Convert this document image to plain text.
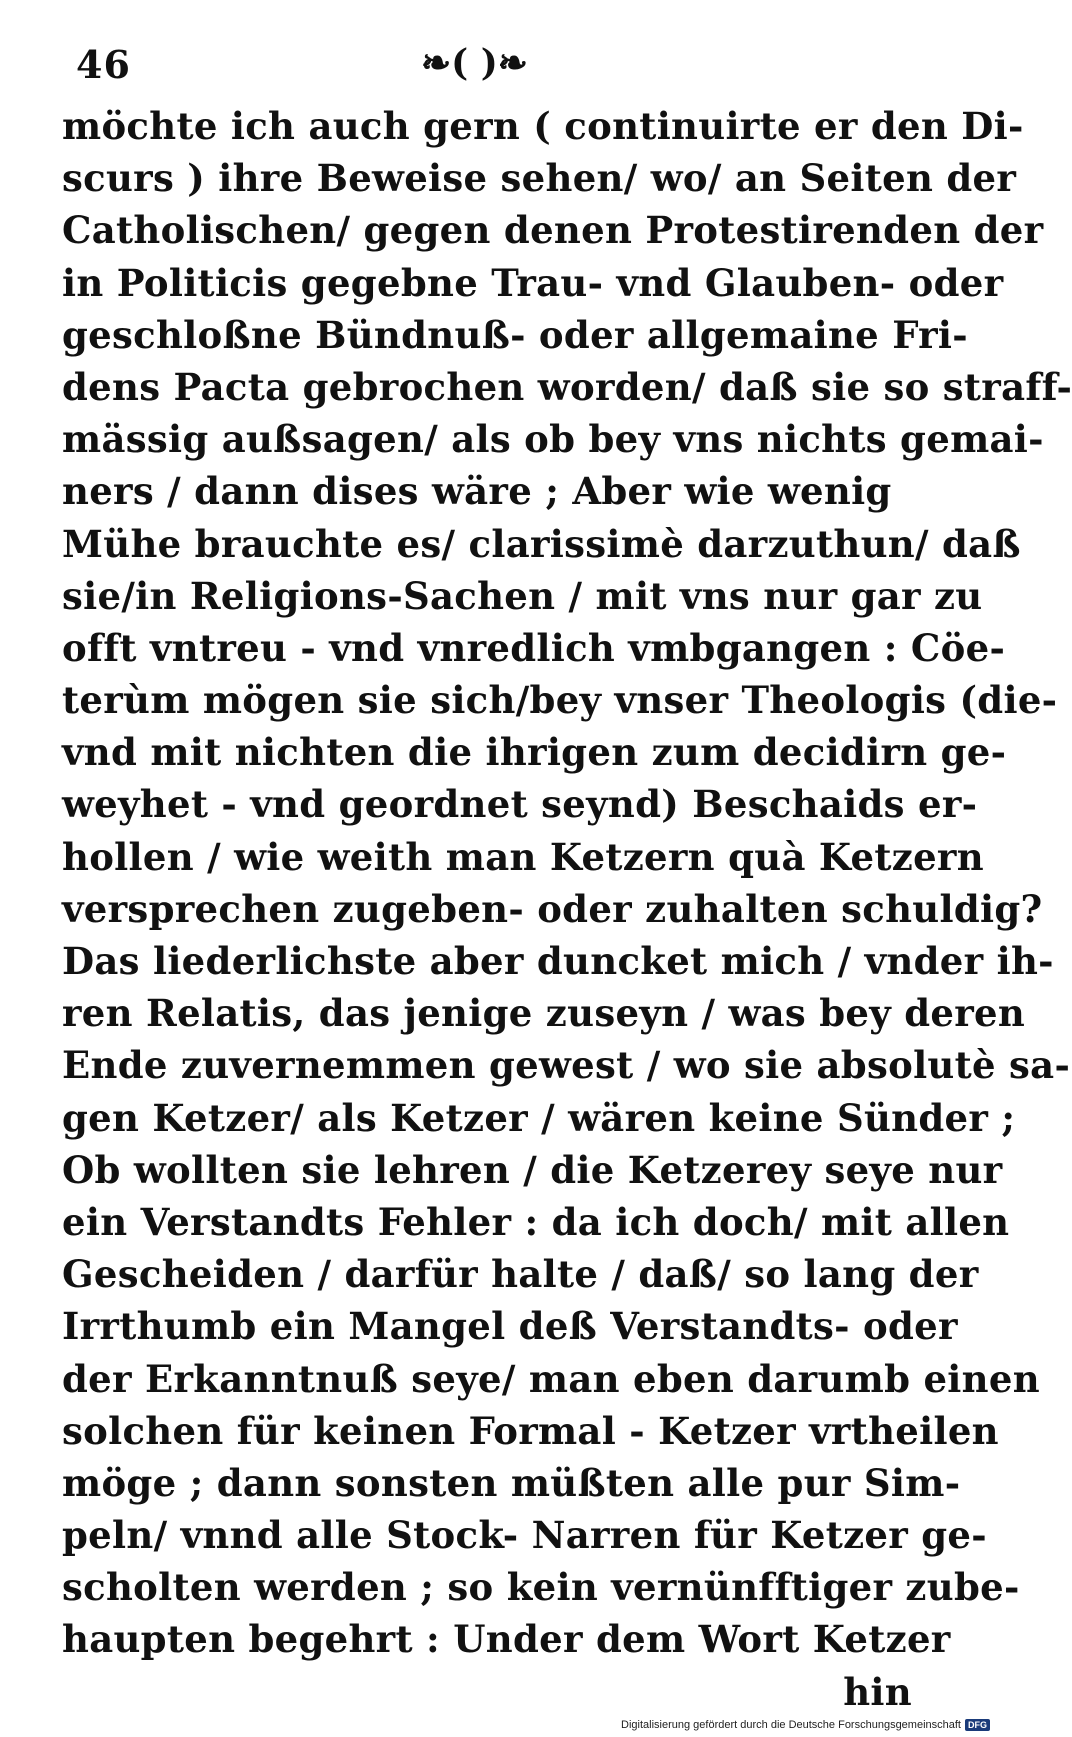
46	❧( )❧
möchte ich auch gern ( continuirte er den Di-
scurs ) ihre Beweise sehen/ wo/ an Seiten der
Catholischen/ gegen denen Protestirenden der
in Politicis gegebne Trau- vnd Glauben- oder
geschloßne Bündnuß- oder allgemaine Fri-
dens Pacta gebrochen worden/ daß sie so straff-
mässig außsagen/ als ob bey vns nichts gemai-
ners / dann dises wäre ; Aber wie wenig
Mühe brauchte es/ clarissimè darzuthun/ daß
sie/in Religions-Sachen / mit vns nur gar zu
offt vntreu - vnd vnredlich vmbgangen : Cöe-
terùm mögen sie sich/bey vnser Theologis (die-
vnd mit nichten die ihrigen zum decidirn ge-
weyhet - vnd geordnet seynd) Beschaids er-
hollen / wie weith man Ketzern quà Ketzern
versprechen zugeben- oder zuhalten schuldig?
Das liederlichste aber duncket mich / vnder ih-
ren Relatis, das jenige zuseyn / was bey deren
Ende zuvernemmen gewest / wo sie absolutè sa-
gen Ketzer/ als Ketzer / wären keine Sünder ;
Ob wollten sie lehren / die Ketzerey seye nur
ein Verstandts Fehler : da ich doch/ mit allen
Gescheiden / darfür halte / daß/ so lang der
Irrthumb ein Mangel deß Verstandts- oder
der Erkanntnuß seye/ man eben darumb einen
solchen für keinen Formal - Ketzer vrtheilen
möge ; dann sonsten müßten alle pur Sim-
peln/ vnnd alle Stock- Narren für Ketzer ge-
scholten werden ; so kein vernünfftiger zube-
haupten begehrt : Under dem Wort Ketzer
hin
Digitalisierung gefördert durch die Deutsche Forschungsgemeinschaft DFG
